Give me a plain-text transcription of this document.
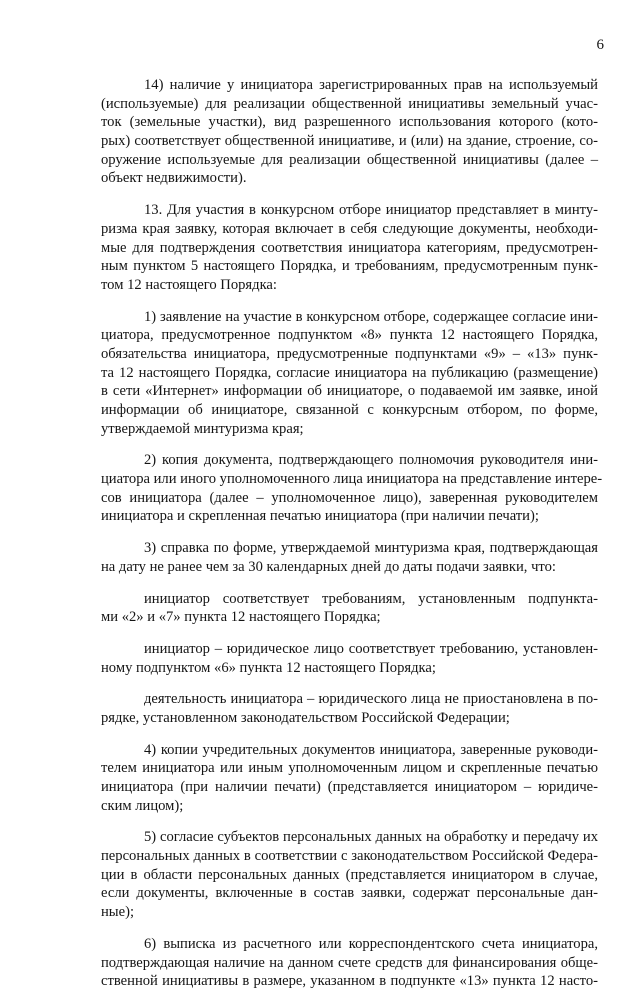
6
14) наличие у инициатора зарегистрированных прав на используемый
(используемые) для реализации общественной инициативы земельный учас-
ток (земельные участки), вид разрешенного использования которого (кото-
рых) соответствует общественной инициативе, и (или) на здание, строение, со-
оружение используемые для реализации общественной инициативы (далее –
объект недвижимости).
13. Для участия в конкурсном отборе инициатор представляет в минту-
ризма края заявку, которая включает в себя следующие документы, необходи-
мые для подтверждения соответствия инициатора категориям, предусмотрен-
ным пунктом 5 настоящего Порядка, и требованиям, предусмотренным пунк-
том 12 настоящего Порядка:
1) заявление на участие в конкурсном отборе, содержащее согласие ини-
циатора, предусмотренное подпунктом «8» пункта 12 настоящего Порядка,
обязательства инициатора, предусмотренные подпунктами «9» – «13» пунк-
та 12 настоящего Порядка, согласие инициатора на публикацию (размещение)
в сети «Интернет» информации об инициаторе, о подаваемой им заявке, иной
информации об инициаторе, связанной с конкурсным отбором, по форме,
утверждаемой минтуризма края;
2) копия документа, подтверждающего полномочия руководителя ини-
циатора или иного уполномоченного лица инициатора на представление интере-
сов инициатора (далее – уполномоченное лицо), заверенная руководителем
инициатора и скрепленная печатью инициатора (при наличии печати);
3) справка по форме, утверждаемой минтуризма края, подтверждающая
на дату не ранее чем за 30 календарных дней до даты подачи заявки, что:
инициатор соответствует требованиям, установленным подпункта-
ми «2» и «7» пункта 12 настоящего Порядка;
инициатор – юридическое лицо соответствует требованию, установлен-
ному подпунктом «6» пункта 12 настоящего Порядка;
деятельность инициатора – юридического лица не приостановлена в по-
рядке, установленном законодательством Российской Федерации;
4) копии учредительных документов инициатора, заверенные руководи-
телем инициатора или иным уполномоченным лицом и скрепленные печатью
инициатора (при наличии печати) (представляется инициатором – юридиче-
ским лицом);
5) согласие субъектов персональных данных на обработку и передачу их
персональных данных в соответствии с законодательством Российской Федера-
ции в области персональных данных (представляется инициатором в случае,
если документы, включенные в состав заявки, содержат персональные дан-
ные);
6) выписка из расчетного или корреспондентского счета инициатора,
подтверждающая наличие на данном счете средств для финансирования обще-
ственной инициативы в размере, указанном в подпункте «13» пункта 12 насто-
